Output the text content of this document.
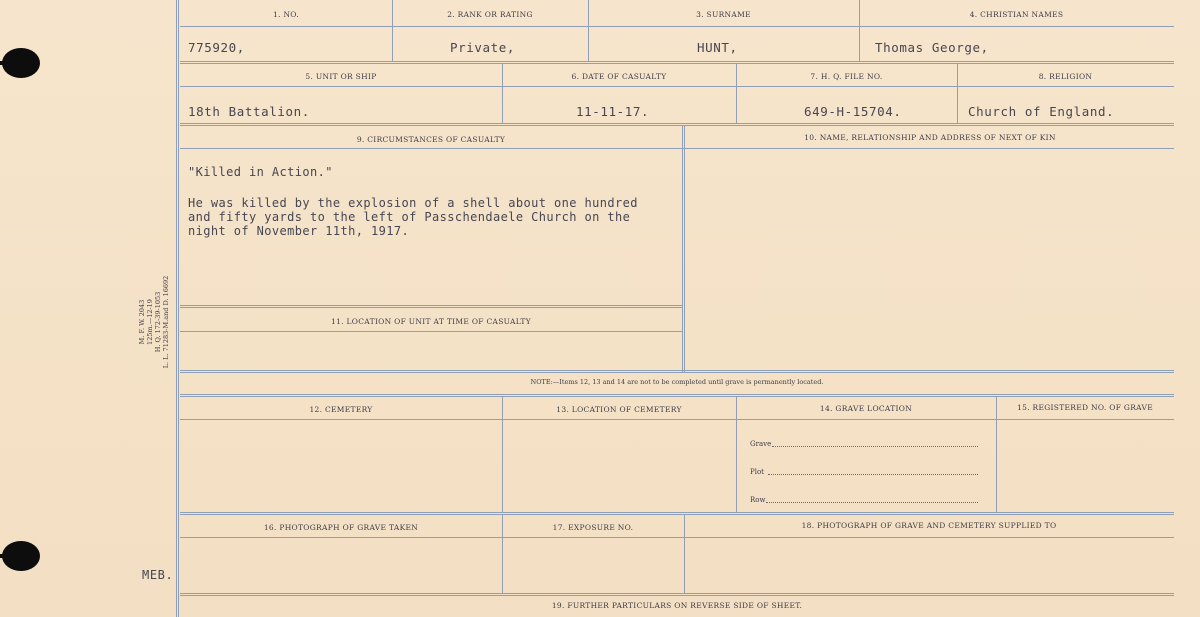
M. F. W. 2043 125m.—12-19 H. Q. 172-39-1053 L. L. 71283-M.and D. 16692
MEB.
1. NO.	2. RANK OR RATING	3. SURNAME	4. CHRISTIAN NAMES
775920,	Private,	HUNT,	Thomas George,
5. UNIT OR SHIP	6. DATE OF CASUALTY	7. H. Q. FILE NO.	8. RELIGION
18th Battalion.	11-11-17.	649-H-15704.	Church of England.
9. CIRCUMSTANCES OF CASUALTY	10. NAME, RELATIONSHIP AND ADDRESS OF NEXT OF KIN
"Killed in Action."
He was killed by the explosion of a shell about one hundred
and fifty yards to the left of Passchendaele Church on the
night of November 11th, 1917.
11. LOCATION OF UNIT AT TIME OF CASUALTY
NOTE:—Items 12, 13 and 14 are not to be completed until grave is permanently located.
12. CEMETERY	13. LOCATION OF CEMETERY	14. GRAVE LOCATION	15. REGISTERED NO. OF GRAVE
Grave
Plot
Row
16. PHOTOGRAPH OF GRAVE TAKEN	17. EXPOSURE NO.	18. PHOTOGRAPH OF GRAVE AND CEMETERY SUPPLIED TO
19. FURTHER PARTICULARS ON REVERSE SIDE OF SHEET.
